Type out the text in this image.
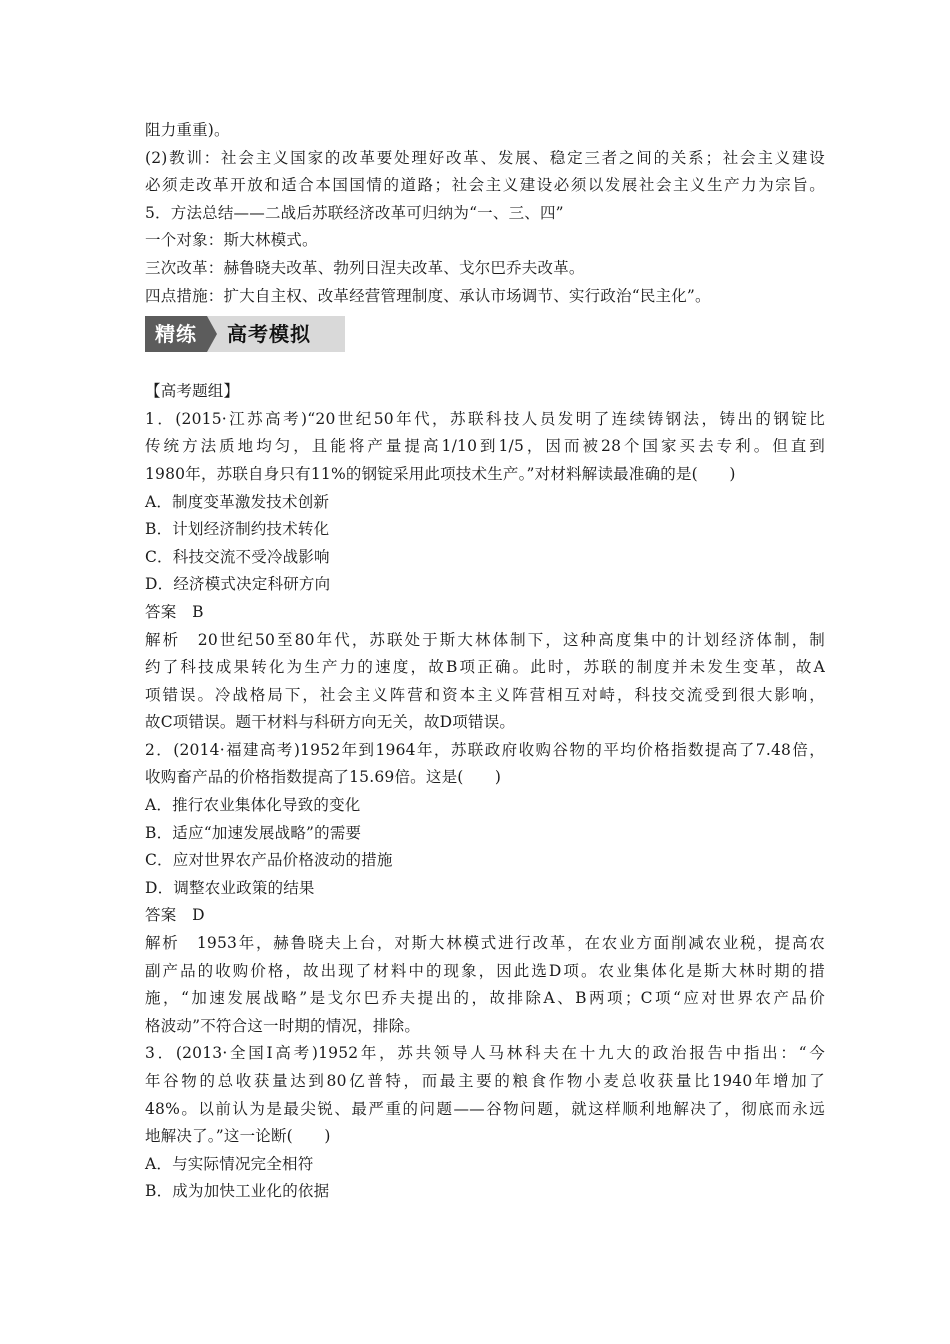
阻力重重)。
(2)教训：社会主义国家的改革要处理好改革、发展、稳定三者之间的关系；社会主义建设
必须走改革开放和适合本国国情的道路；社会主义建设必须以发展社会主义生产力为宗旨。
5．方法总结——二战后苏联经济改革可归纳为“一、三、四”
一个对象：斯大林模式。
三次改革：赫鲁晓夫改革、勃列日涅夫改革、戈尔巴乔夫改革。
四点措施：扩大自主权、改革经营管理制度、承认市场调节、实行政治“民主化”。
精练	高考模拟
【高考题组】
1．(2015·江苏高考)“20世纪50年代，苏联科技人员发明了连续铸钢法，铸出的钢锭比
传统方法质地均匀，且能将产量提高1/10到1/5，因而被28个国家买去专利。但直到
1980年，苏联自身只有11%的钢锭采用此项技术生产。”对材料解读最准确的是(　　)
A．制度变革激发技术创新
B．计划经济制约技术转化
C．科技交流不受冷战影响
D．经济模式决定科研方向
答案　B
解析　20世纪50至80年代，苏联处于斯大林体制下，这种高度集中的计划经济体制，制
约了科技成果转化为生产力的速度，故B项正确。此时，苏联的制度并未发生变革，故A
项错误。冷战格局下，社会主义阵营和资本主义阵营相互对峙，科技交流受到很大影响，
故C项错误。题干材料与科研方向无关，故D项错误。
2．(2014·福建高考)1952年到1964年，苏联政府收购谷物的平均价格指数提高了7.48倍，
收购畜产品的价格指数提高了15.69倍。这是(　　)
A．推行农业集体化导致的变化
B．适应“加速发展战略”的需要
C．应对世界农产品价格波动的措施
D．调整农业政策的结果
答案　D
解析　1953年，赫鲁晓夫上台，对斯大林模式进行改革，在农业方面削减农业税，提高农
副产品的收购价格，故出现了材料中的现象，因此选D项。农业集体化是斯大林时期的措
施，“加速发展战略”是戈尔巴乔夫提出的，故排除A、B两项；C项“应对世界农产品价
格波动”不符合这一时期的情况，排除。
3．(2013·全国Ⅰ高考)1952年，苏共领导人马林科夫在十九大的政治报告中指出：“今
年谷物的总收获量达到80亿普特，而最主要的粮食作物小麦总收获量比1940年增加了
48%。以前认为是最尖锐、最严重的问题——谷物问题，就这样顺利地解决了，彻底而永远
地解决了。”这一论断(　　)
A．与实际情况完全相符
B．成为加快工业化的依据
